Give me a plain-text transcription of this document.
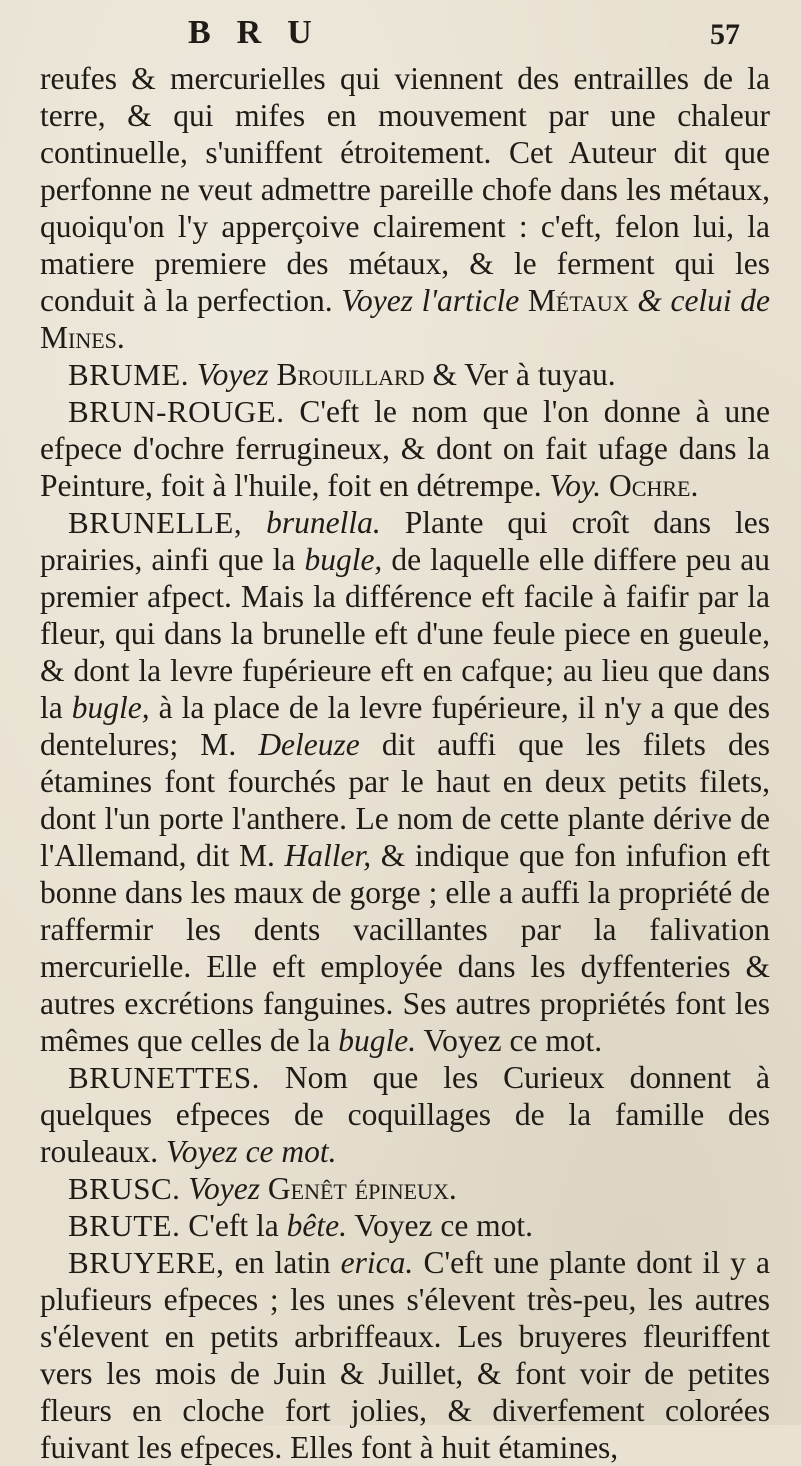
BRU	57

reufes & mercurielles qui viennent des entrailles de la terre, & qui mifes en mouvement par une chaleur continuelle, s'uniffent étroitement. Cet Auteur dit que perfonne ne veut admettre pareille chofe dans les métaux, quoiqu'on l'y apperçoive clairement : c'eft, felon lui, la matiere premiere des métaux, & le ferment qui les conduit à la perfection. Voyez l'article Métaux & celui de Mines.

BRUME. Voyez Brouillard & Ver à tuyau.

BRUN-ROUGE. C'eft le nom que l'on donne à une efpece d'ochre ferrugineux, & dont on fait ufage dans la Peinture, foit à l'huile, foit en détrempe. Voy. Ochre.

BRUNELLE, brunella. Plante qui croît dans les prairies, ainfi que la bugle, de laquelle elle differe peu au premier afpect. Mais la différence eft facile à faifir par la fleur, qui dans la brunelle eft d'une feule piece en gueule, & dont la levre fupérieure eft en cafque; au lieu que dans la bugle, à la place de la levre fupérieure, il n'y a que des dentelures; M. Deleuze dit auffi que les filets des étamines font fourchés par le haut en deux petits filets, dont l'un porte l'anthere. Le nom de cette plante dérive de l'Allemand, dit M. Haller, & indique que fon infufion eft bonne dans les maux de gorge ; elle a auffi la propriété de raffermir les dents vacillantes par la falivation mercurielle. Elle eft employée dans les dyffenteries & autres excrétions fanguines. Ses autres propriétés font les mêmes que celles de la bugle. Voyez ce mot.

BRUNETTES. Nom que les Curieux donnent à quelques efpeces de coquillages de la famille des rouleaux. Voyez ce mot.

BRUSC. Voyez Genêt épineux.

BRUTE. C'eft la bête. Voyez ce mot.

BRUYERE, en latin erica. C'eft une plante dont il y a plufieurs efpeces ; les unes s'élevent très-peu, les autres s'élevent en petits arbriffeaux. Les bruyeres fleuriffent vers les mois de Juin & Juillet, & font voir de petites fleurs en cloche fort jolies, & diverfement colorées fuivant les efpeces. Elles font à huit étamines,
